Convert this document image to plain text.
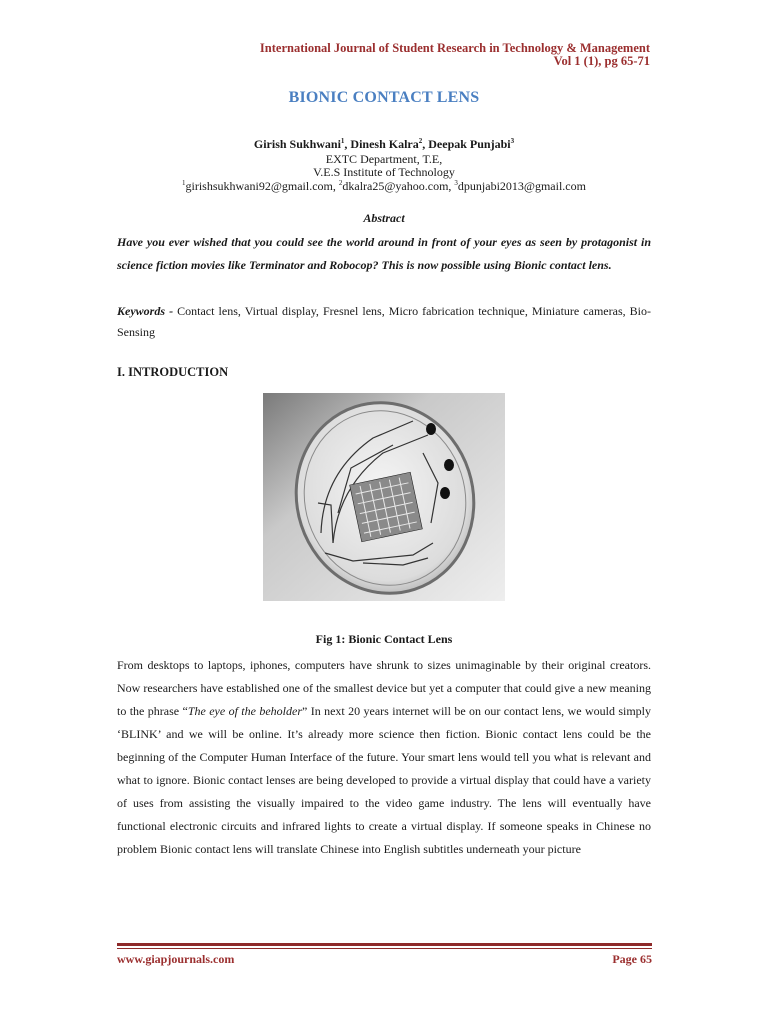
International Journal of Student Research in Technology & Management
Vol 1 (1), pg 65-71
BIONIC CONTACT LENS
Girish Sukhwani$^1$, Dinesh Kalra$^2$, Deepak Punjabi$^3$
EXTC Department, T.E,
V.E.S Institute of Technology
$^1$girishsukhwani92@gmail.com, $^2$dkalra25@yahoo.com, $^3$dpunjabi2013@gmail.com
Abstract
Have you ever wished that you could see the world around in front of your eyes as seen by protagonist in science fiction movies like Terminator and Robocop? This is now possible using Bionic contact lens.
Keywords - Contact lens, Virtual display, Fresnel lens, Micro fabrication technique, Miniature cameras, Bio-Sensing
I. INTRODUCTION
Fig 1: Bionic Contact Lens
From desktops to laptops, iphones, computers have shrunk to sizes unimaginable by their original creators. Now researchers have established one of the smallest device but yet a computer that could give a new meaning to the phrase “The eye of the beholder” In next 20 years internet will be on our contact lens, we would simply ‘BLINK’ and we will be online. It’s already more science then fiction. Bionic contact lens could be the beginning of the Computer Human Interface of the future. Your smart lens would tell you what is relevant and what to ignore. Bionic contact lenses are being developed to provide a virtual display that could have a variety of uses from assisting the visually impaired to the video game industry. The lens will eventually have functional electronic circuits and infrared lights to create a virtual display. If someone speaks in Chinese no problem Bionic contact lens will translate Chinese into English subtitles underneath your picture
www.giapjournals.com	Page 65
